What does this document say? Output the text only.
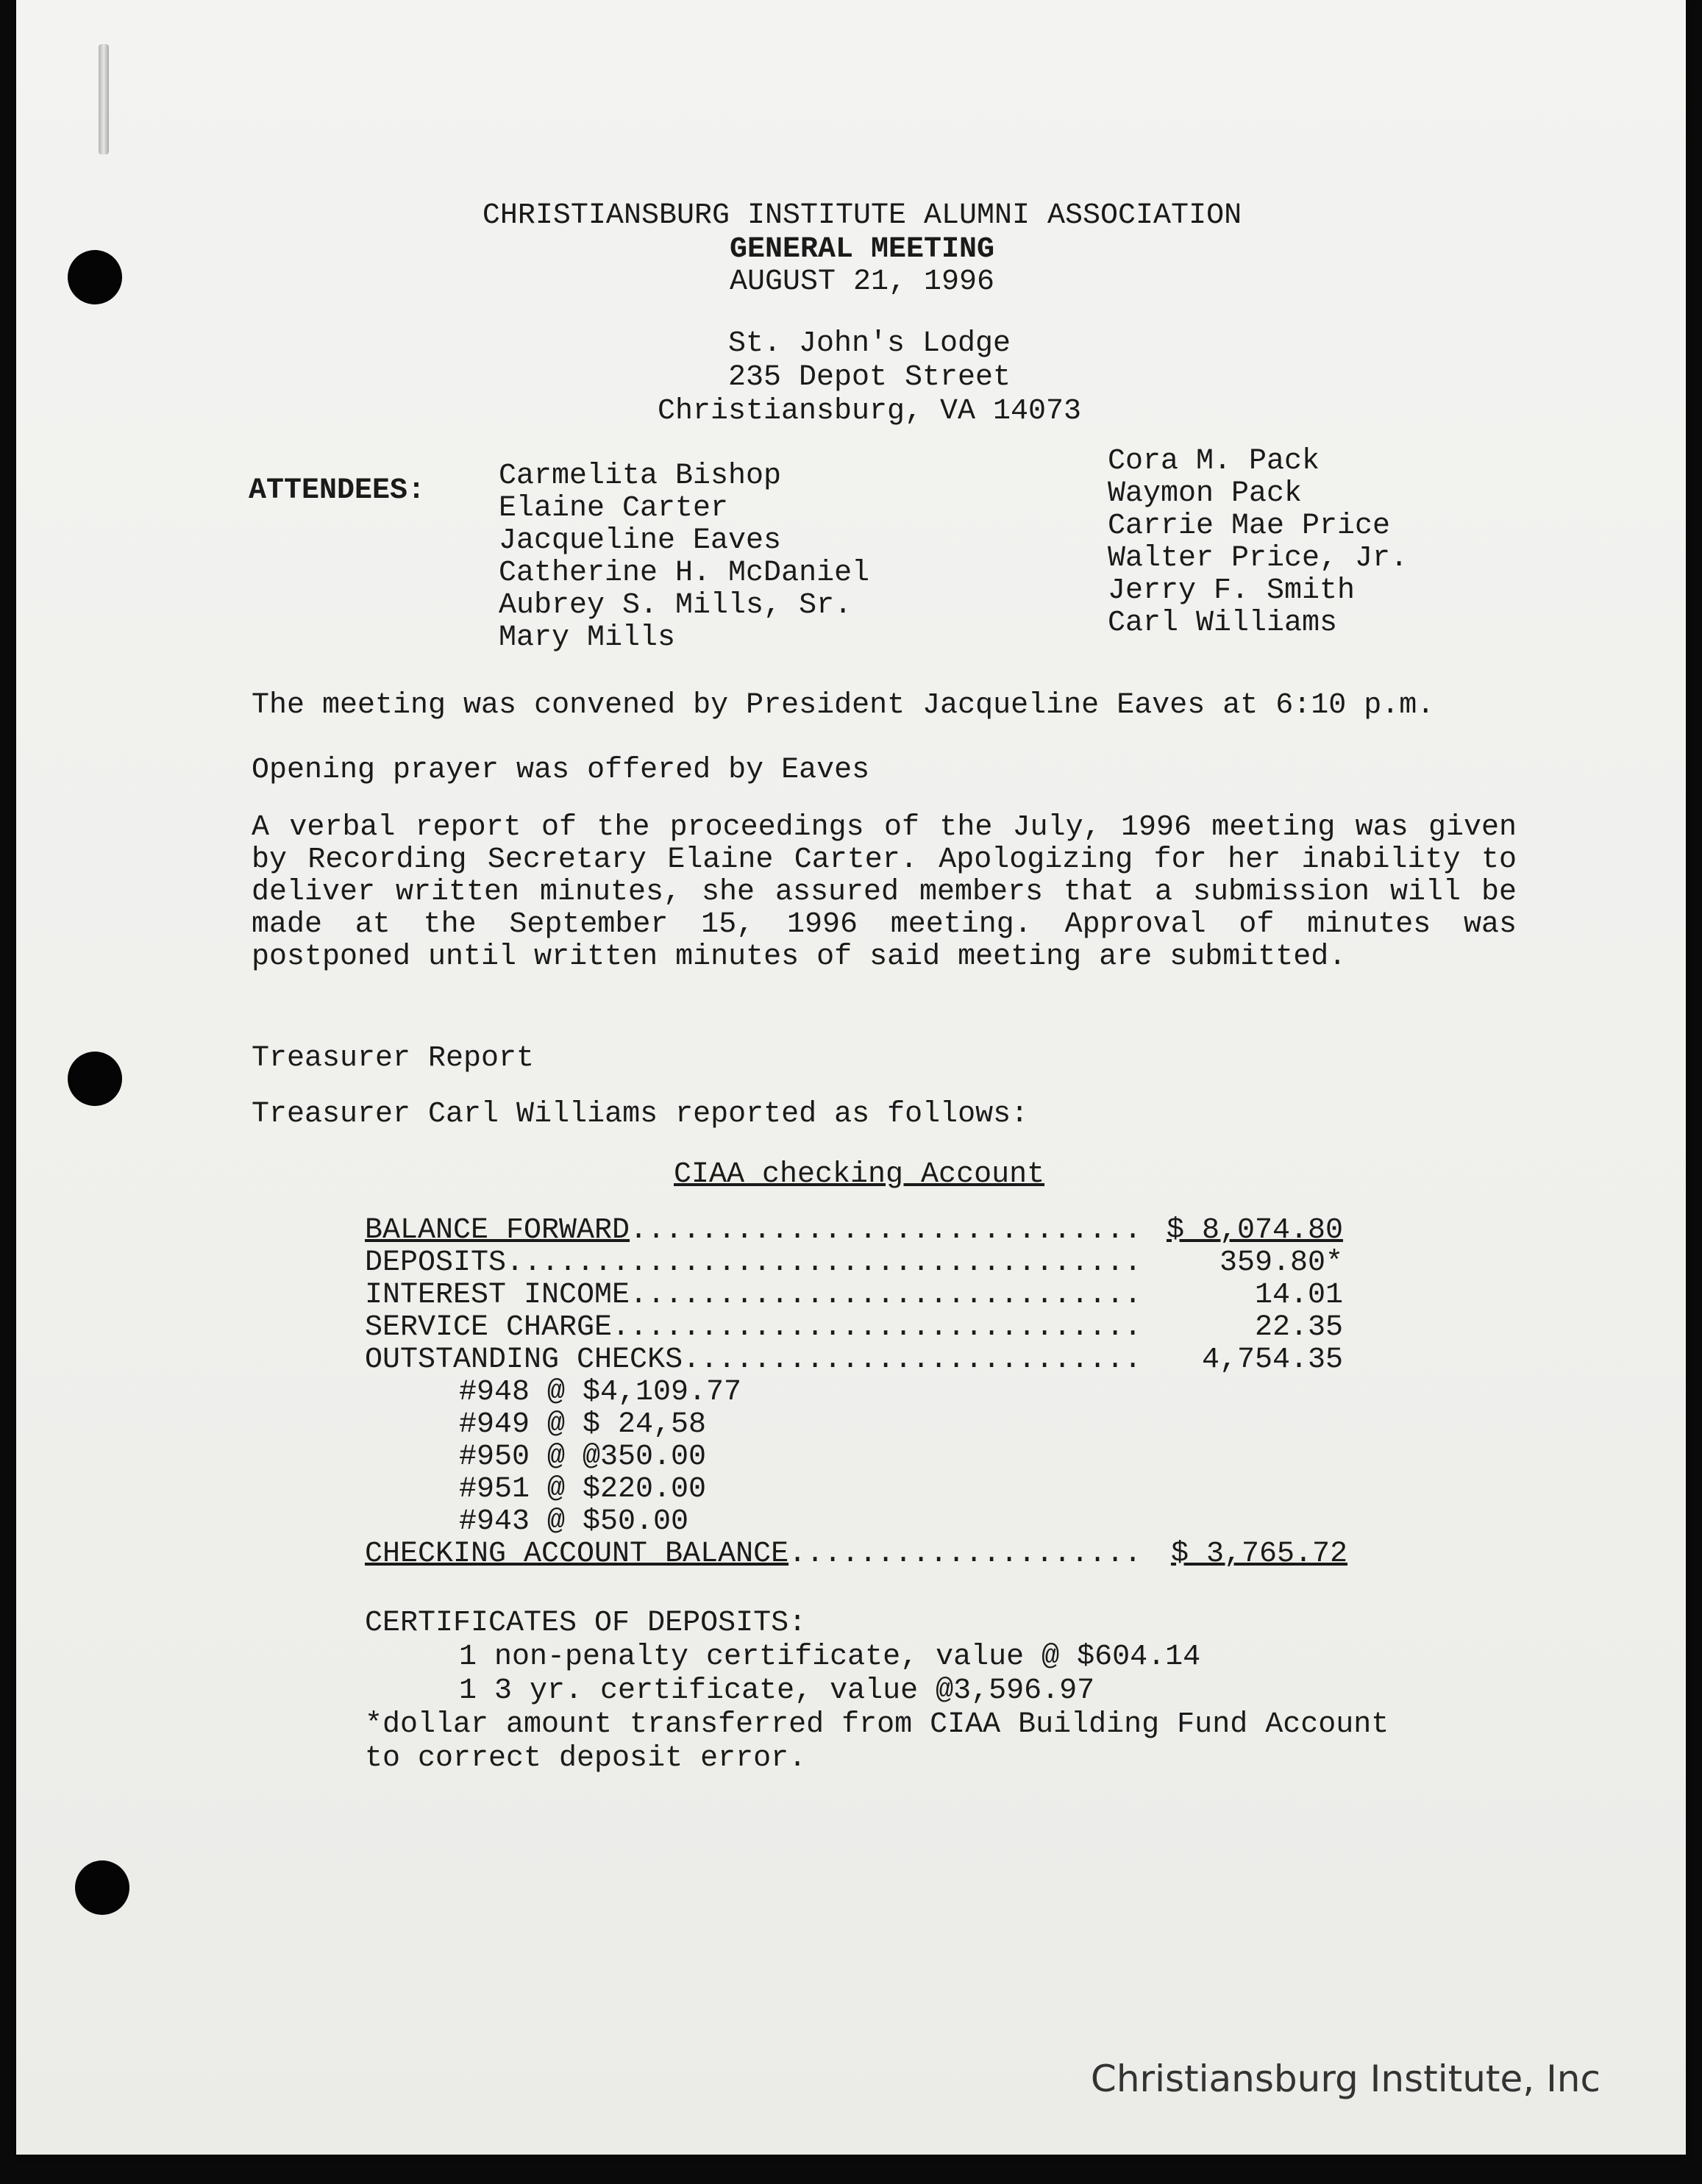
CHRISTIANSBURG INSTITUTE ALUMNI ASSOCIATION
GENERAL MEETING
AUGUST 21, 1996
St. John's Lodge
235 Depot Street
Christiansburg, VA 14073
ATTENDEES: Carmelita Bishop
Elaine Carter
Jacqueline Eaves
Catherine H. McDaniel
Aubrey S. Mills, Sr.
Mary Mills
Cora M. Pack
Waymon Pack
Carrie Mae Price
Walter Price, Jr.
Jerry F. Smith
Carl Williams
The meeting was convened by President Jacqueline Eaves at 6:10 p.m.
Opening prayer was offered by Eaves
A verbal report of the proceedings of the July, 1996 meeting was given by Recording Secretary Elaine Carter. Apologizing for her inability to deliver written minutes, she assured members that a submission will be made at the September 15, 1996 meeting. Approval of minutes was postponed until written minutes of said meeting are submitted.
Treasurer Report
Treasurer Carl Williams reported as follows:
CIAA checking Account
BALANCE FORWARD .....	$ 8,074.80
DEPOSITS .....	359.80*
INTEREST INCOME .....	14.01
SERVICE CHARGE .....	22.35
OUTSTANDING CHECKS .....	4,754.35
#948 @ $4,109.77
#949 @ $ 24,58
#950 @ @350.00
#951 @ $220.00
#943 @ $50.00
CHECKING ACCOUNT BALANCE .....	$ 3,765.72
CERTIFICATES OF DEPOSITS:
1 non-penalty certificate, value @ $604.14
1 3 yr. certificate, value @3,596.97
*dollar amount transferred from CIAA Building Fund Account
to correct deposit error.
Christiansburg Institute, Inc
